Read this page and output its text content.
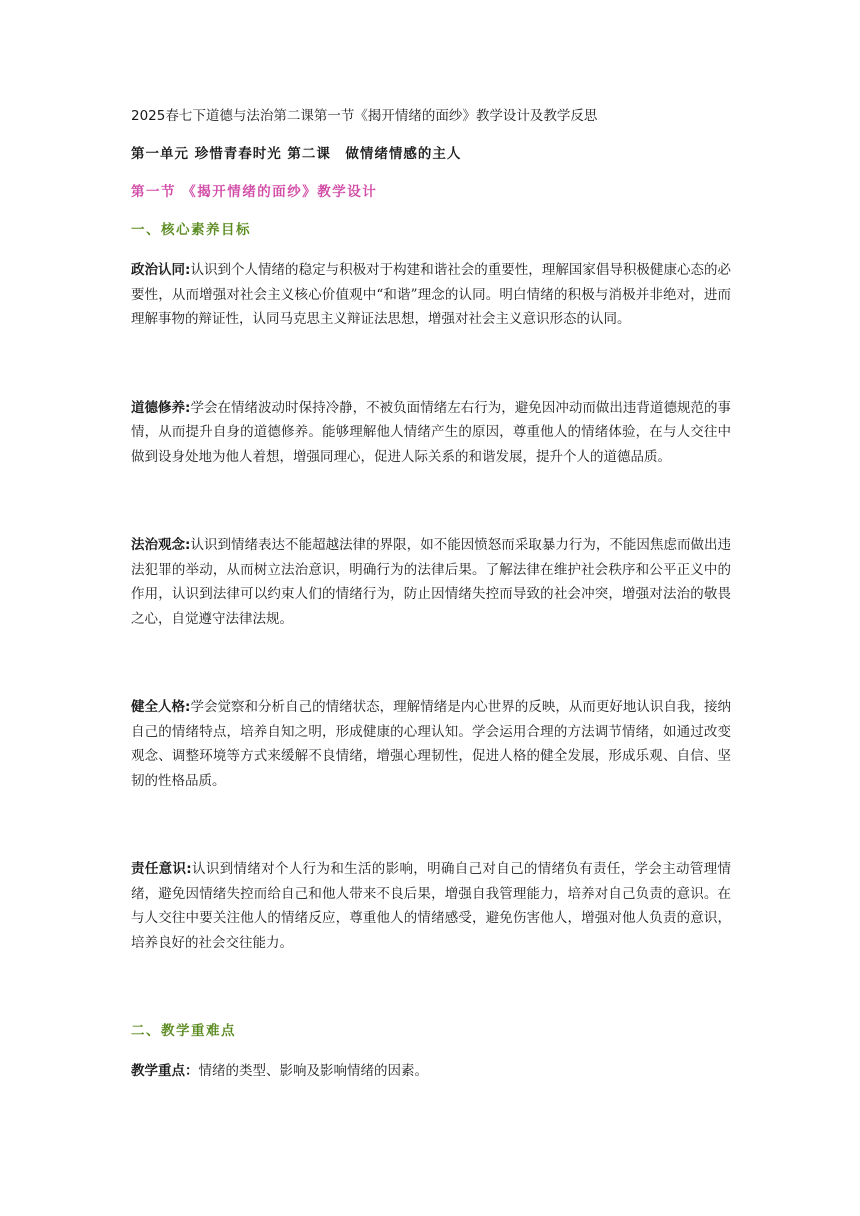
2025春七下道德与法治第二课第一节《揭开情绪的面纱》教学设计及教学反思
第一单元 珍惜青春时光 第二课　做情绪情感的主人
第一节 《揭开情绪的面纱》教学设计
一、核心素养目标

政治认同:认识到个人情绪的稳定与积极对于构建和谐社会的重要性，理解国家倡导积极健康心态的必要性，从而增强对社会主义核心价值观中“和谐”理念的认同。明白情绪的积极与消极并非绝对，进而理解事物的辩证性，认同马克思主义辩证法思想，增强对社会主义意识形态的认同。

道德修养:学会在情绪波动时保持冷静，不被负面情绪左右行为，避免因冲动而做出违背道德规范的事情，从而提升自身的道德修养。能够理解他人情绪产生的原因，尊重他人的情绪体验，在与人交往中做到设身处地为他人着想，增强同理心，促进人际关系的和谐发展，提升个人的道德品质。

法治观念:认识到情绪表达不能超越法律的界限，如不能因愤怒而采取暴力行为，不能因焦虑而做出违法犯罪的举动，从而树立法治意识，明确行为的法律后果。了解法律在维护社会秩序和公平正义中的作用，认识到法律可以约束人们的情绪行为，防止因情绪失控而导致的社会冲突，增强对法治的敬畏之心，自觉遵守法律法规。

健全人格:学会觉察和分析自己的情绪状态，理解情绪是内心世界的反映，从而更好地认识自我，接纳自己的情绪特点，培养自知之明，形成健康的心理认知。学会运用合理的方法调节情绪，如通过改变观念、调整环境等方式来缓解不良情绪，增强心理韧性，促进人格的健全发展，形成乐观、自信、坚韧的性格品质。

责任意识:认识到情绪对个人行为和生活的影响，明确自己对自己的情绪负有责任，学会主动管理情绪，避免因情绪失控而给自己和他人带来不良后果，增强自我管理能力，培养对自己负责的意识。在与人交往中要关注他人的情绪反应，尊重他人的情绪感受，避免伤害他人，增强对他人负责的意识，培养良好的社会交往能力。

二、教学重难点

教学重点：情绪的类型、影响及影响情绪的因素。
